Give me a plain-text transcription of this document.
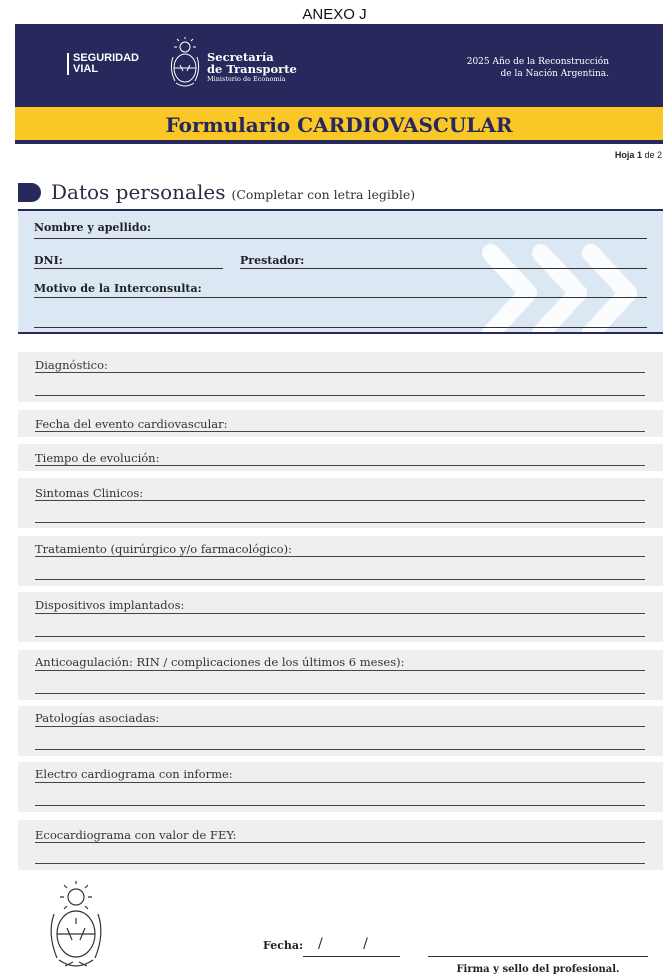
ANEXO J
SEGURIDAD
VIAL
Secretaría
de Transporte
Ministerio de Economía
2025 Año de la Reconstrucción
de la Nación Argentina.
Formulario CARDIOVASCULAR
Hoja 1 de 2
Datos personales (Completar con letra legible)
Nombre y apellido:
DNI:	Prestador:
Motivo de la Interconsulta:
Diagnóstico:
Fecha del evento cardiovascular:
Tiempo de evolución:
Sintomas Clinicos:
Tratamiento (quirúrgico y/o farmacológico):
Dispositivos implantados:
Anticoagulación: RIN / complicaciones de los últimos 6 meses):
Patologías asociadas:
Electro cardiograma con informe:
Ecocardiograma con valor de FEY:
Fecha: / /
Firma y sello del profesional.
